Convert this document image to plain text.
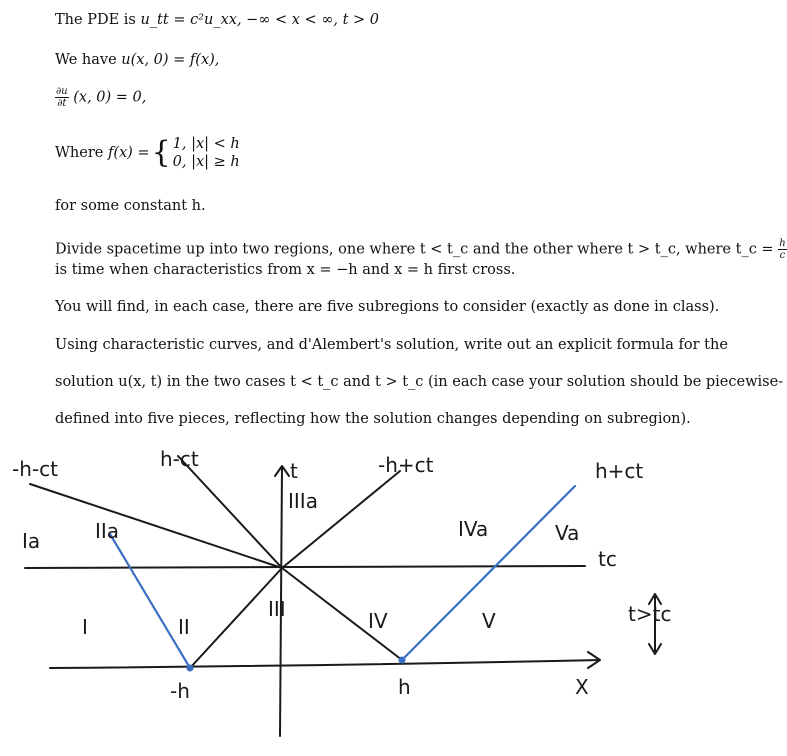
The PDE is u_tt = c²u_xx, −∞ < x < ∞, t > 0
We have u(x, 0) = f(x),
$\frac{\partial u}{\partial t} (x$, 0) = 0,
Where f(x) ={ 1, |x| < h
0, |x| ≥ h
for some constant h.
Divide spacetime up into two regions, one where t < t_c and the other where t > t_c, where t_c = $\frac{h}{c}$
is time when characteristics from x = −h and x = h first cross.
You will find, in each case, there are five subregions to consider (exactly as done in class).
Using characteristic curves, and d'Alembert's solution, write out an explicit formula for the
solution u(x, t) in the two cases t < t_c and t > t_c (in each case your solution should be piecewise-
defined into five pieces, reflecting how the solution changes depending on subregion).
-h-ct	h-ct	t	-h+ct	h+ct
Ia	IIa
IIIa
IVa	Va
I	II
III	IV	V
tc
t>tc
X
-h	h
